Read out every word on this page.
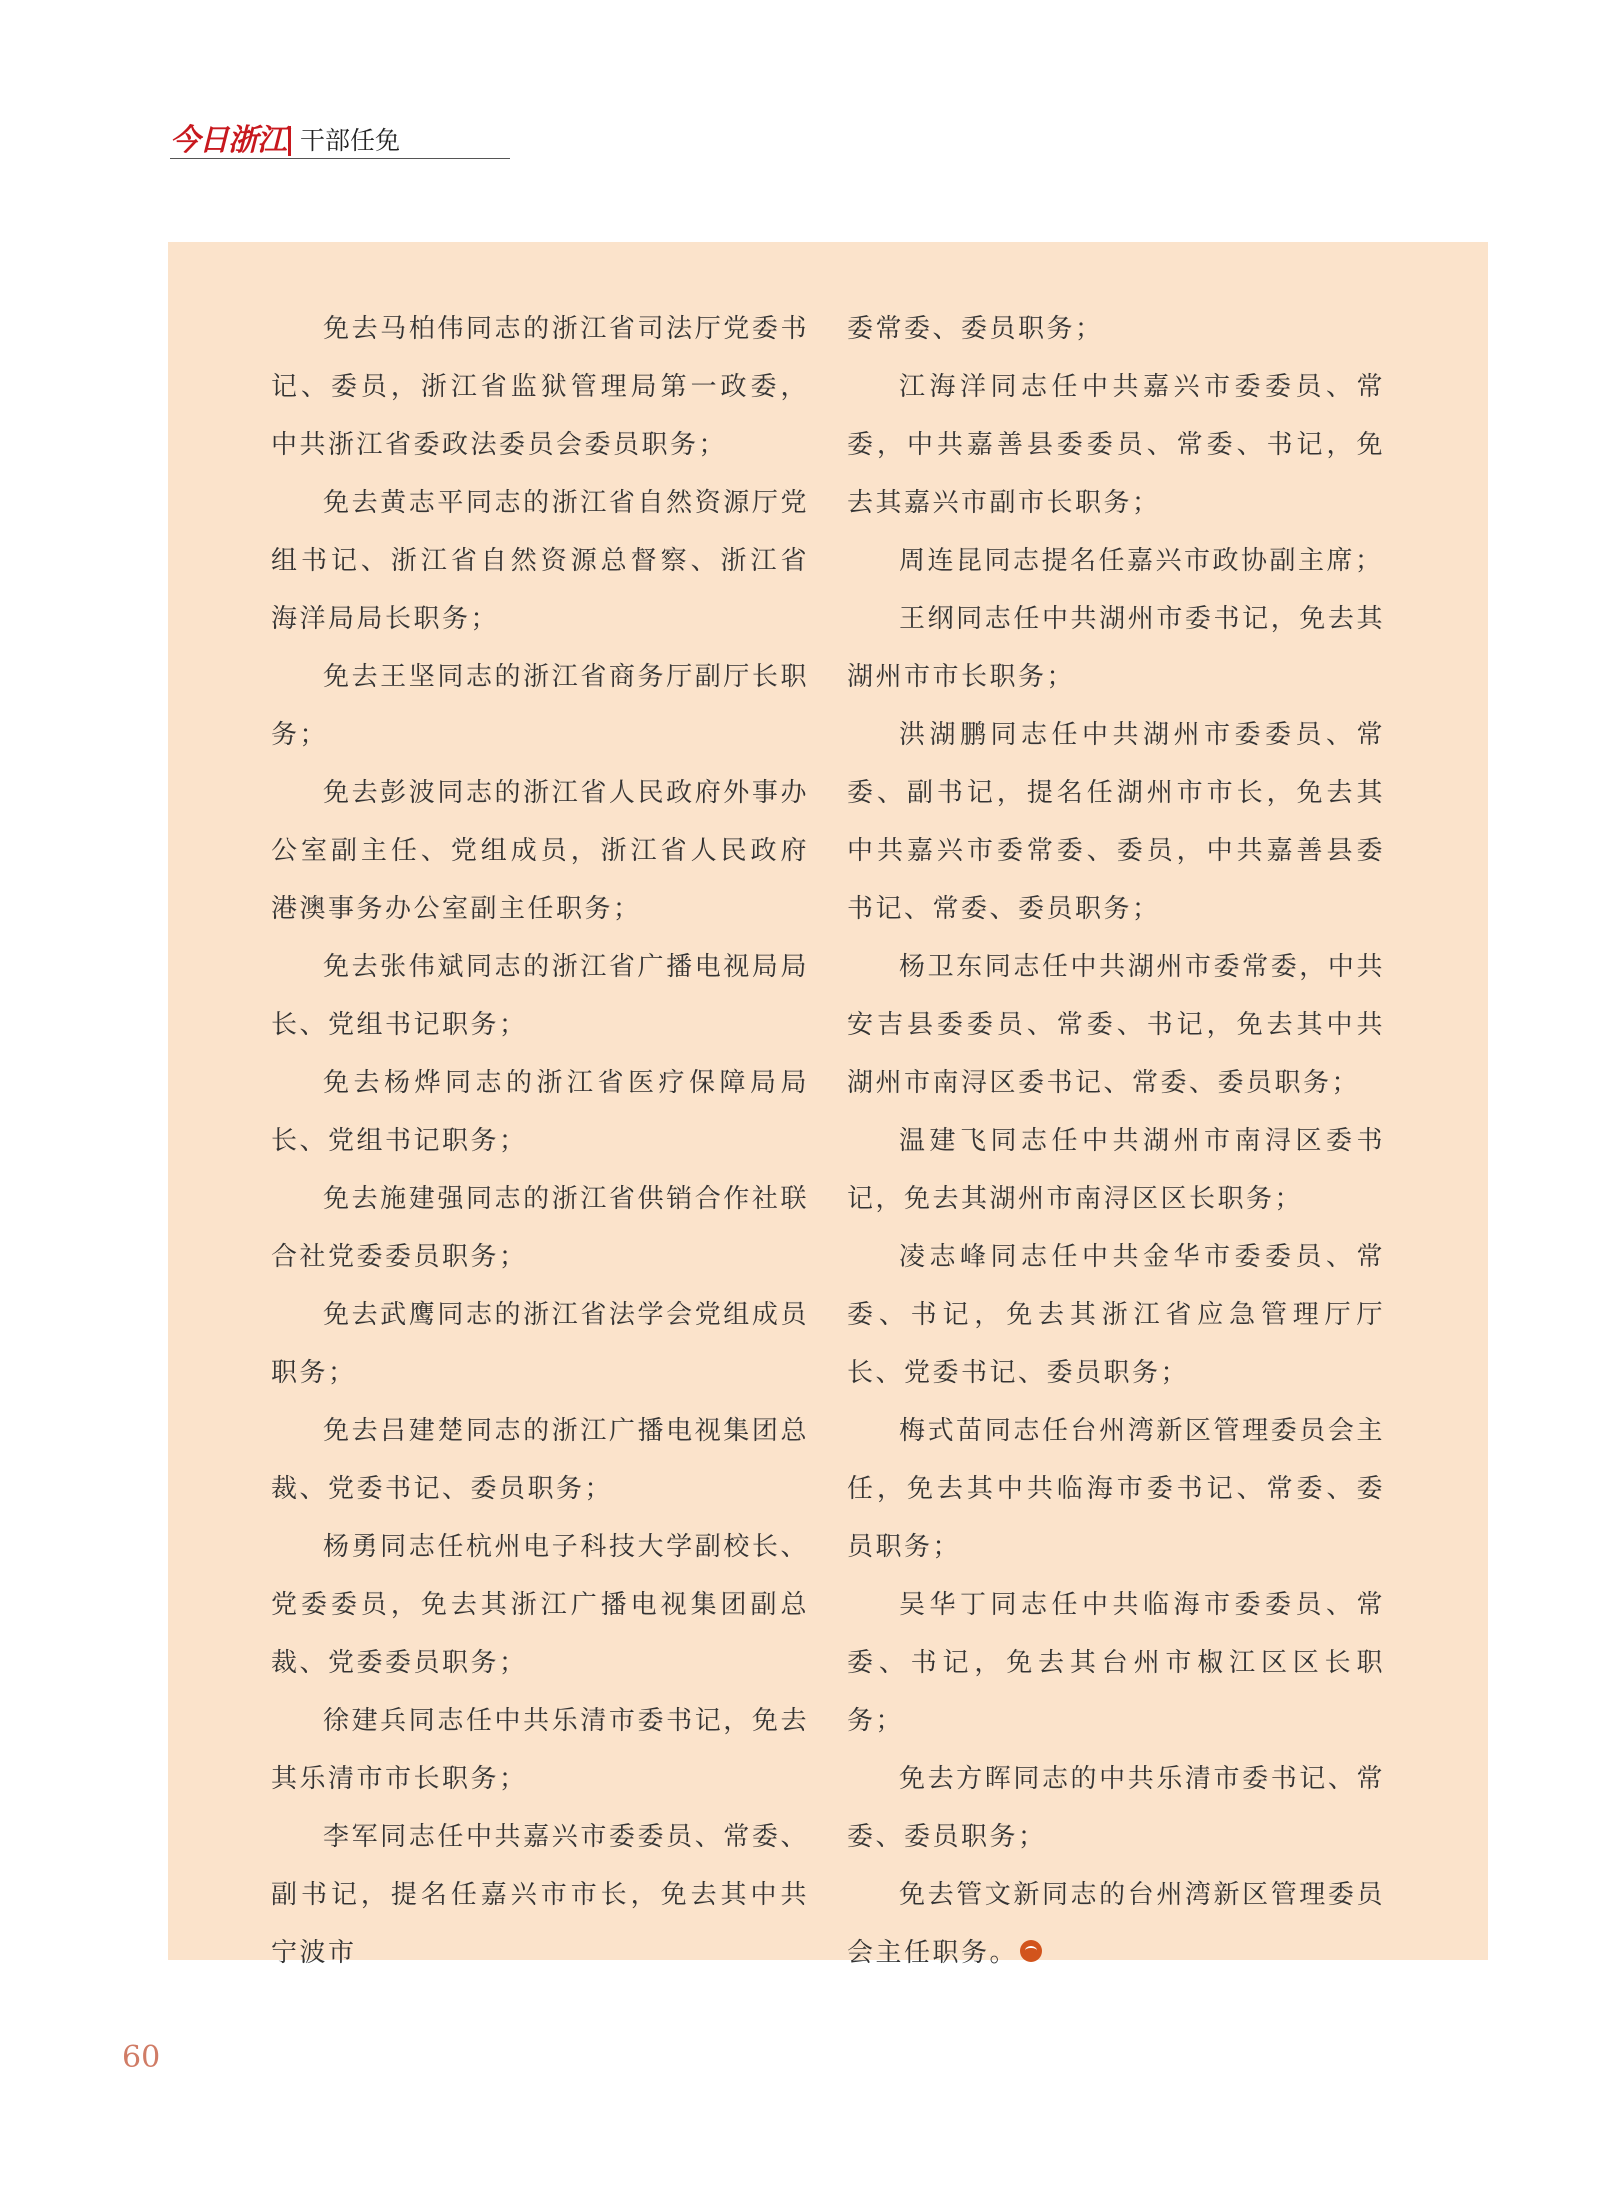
今日浙江 干部任免

免去马柏伟同志的浙江省司法厅党委书记、委员，浙江省监狱管理局第一政委，中共浙江省委政法委员会委员职务；

免去黄志平同志的浙江省自然资源厅党组书记、浙江省自然资源总督察、浙江省海洋局局长职务；

免去王坚同志的浙江省商务厅副厅长职务；

免去彭波同志的浙江省人民政府外事办公室副主任、党组成员，浙江省人民政府港澳事务办公室副主任职务；

免去张伟斌同志的浙江省广播电视局局长、党组书记职务；

免去杨烨同志的浙江省医疗保障局局长、党组书记职务；

免去施建强同志的浙江省供销合作社联合社党委委员职务；

免去武鹰同志的浙江省法学会党组成员职务；

免去吕建楚同志的浙江广播电视集团总裁、党委书记、委员职务；

杨勇同志任杭州电子科技大学副校长、党委委员，免去其浙江广播电视集团副总裁、党委委员职务；

徐建兵同志任中共乐清市委书记，免去其乐清市市长职务；

李军同志任中共嘉兴市委委员、常委、副书记，提名任嘉兴市市长，免去其中共宁波市

委常委、委员职务；

江海洋同志任中共嘉兴市委委员、常委，中共嘉善县委委员、常委、书记，免去其嘉兴市副市长职务；

周连昆同志提名任嘉兴市政协副主席；

王纲同志任中共湖州市委书记，免去其湖州市市长职务；

洪湖鹏同志任中共湖州市委委员、常委、副书记，提名任湖州市市长，免去其中共嘉兴市委常委、委员，中共嘉善县委书记、常委、委员职务；

杨卫东同志任中共湖州市委常委，中共安吉县委委员、常委、书记，免去其中共湖州市南浔区委书记、常委、委员职务；

温建飞同志任中共湖州市南浔区委书记，免去其湖州市南浔区区长职务；

凌志峰同志任中共金华市委委员、常委、书记，免去其浙江省应急管理厅厅长、党委书记、委员职务；

梅式苗同志任台州湾新区管理委员会主任，免去其中共临海市委书记、常委、委员职务；

吴华丁同志任中共临海市委委员、常委、书记，免去其台州市椒江区区长职务；

免去方晖同志的中共乐清市委书记、常委、委员职务；

免去管文新同志的台州湾新区管理委员会主任职务。

60
